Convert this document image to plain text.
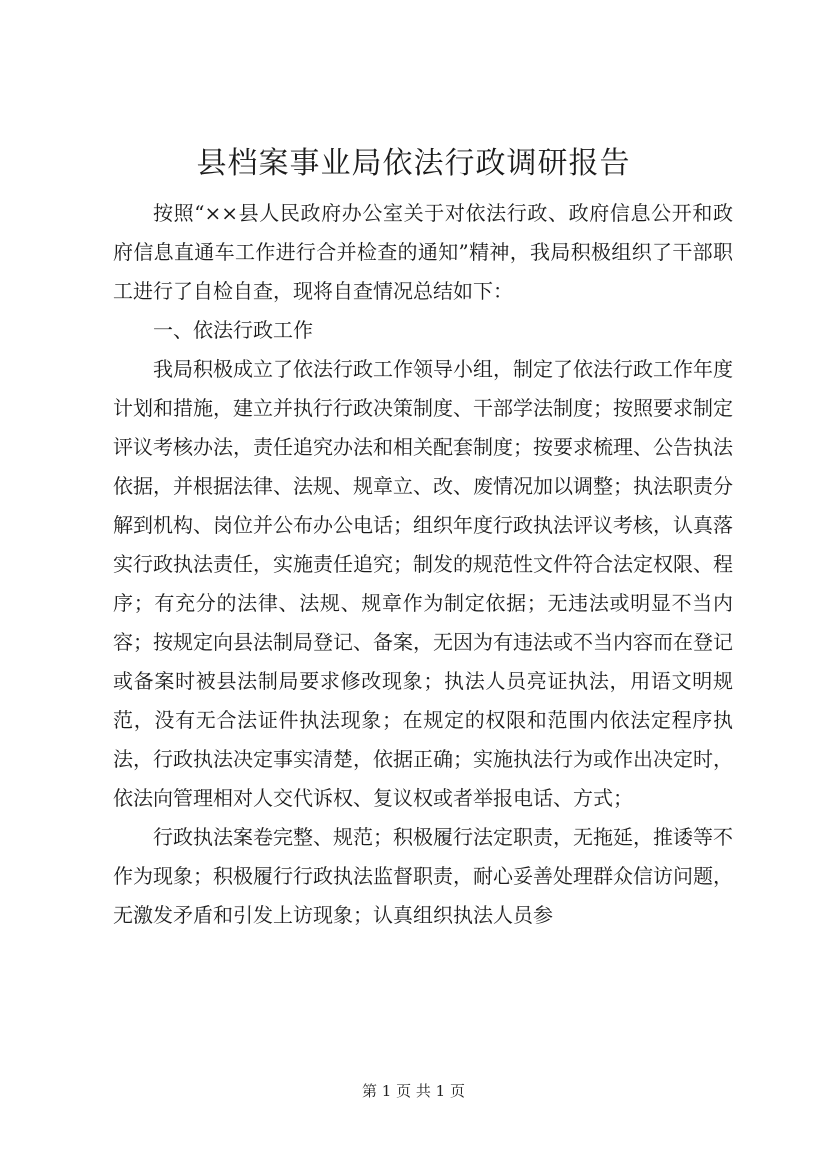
县档案事业局依法行政调研报告

按照“××县人民政府办公室关于对依法行政、政府信息公开和政府信息直通车工作进行合并检查的通知”精神，我局积极组织了干部职工进行了自检自查，现将自查情况总结如下：

一、依法行政工作

我局积极成立了依法行政工作领导小组，制定了依法行政工作年度计划和措施，建立并执行行政决策制度、干部学法制度；按照要求制定评议考核办法，责任追究办法和相关配套制度；按要求梳理、公告执法依据，并根据法律、法规、规章立、改、废情况加以调整；执法职责分解到机构、岗位并公布办公电话；组织年度行政执法评议考核，认真落实行政执法责任，实施责任追究；制发的规范性文件符合法定权限、程序；有充分的法律、法规、规章作为制定依据；无违法或明显不当内容；按规定向县法制局登记、备案，无因为有违法或不当内容而在登记或备案时被县法制局要求修改现象；执法人员亮证执法，用语文明规范，没有无合法证件执法现象；在规定的权限和范围内依法定程序执法，行政执法决定事实清楚，依据正确；实施执法行为或作出决定时，依法向管理相对人交代诉权、复议权或者举报电话、方式；

行政执法案卷完整、规范；积极履行法定职责，无拖延，推诿等不作为现象；积极履行行政执法监督职责，耐心妥善处理群众信访问题，无激发矛盾和引发上访现象；认真组织执法人员参

第 1 页 共 1 页
